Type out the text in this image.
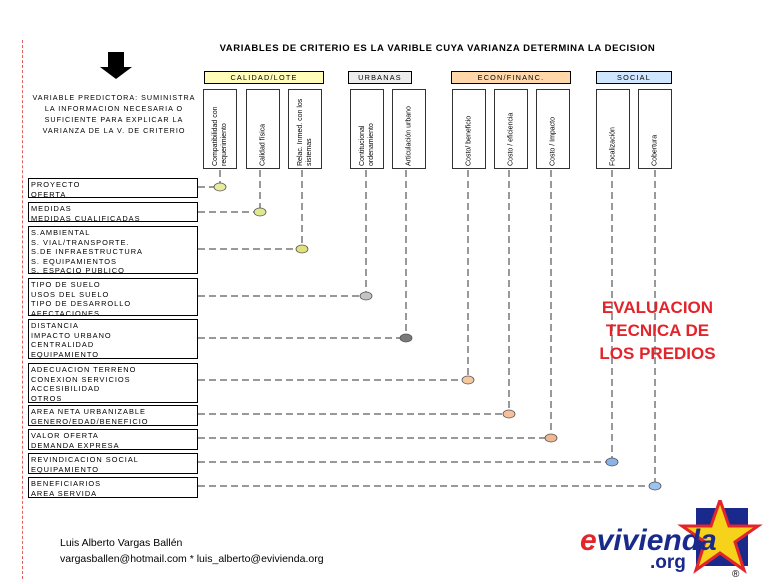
VARIABLES DE CRITERIO ES LA VARIBLE CUYA VARIANZA DETERMINA LA DECISION
VARIABLE PREDICTORA: SUMINISTRA LA INFORMACION NECESARIA O SUFICIENTE PARA EXPLICAR LA VARIANZA DE LA V. DE CRITERIO
CALIDAD/LOTE	URBANAS	ECON/FINANC.	SOCIAL
Compatibilidad con requerimiento	Calidad física	Relac. Inmed. con los sistemas	Contitucional ordenamiento	Articulación urbano	Costo/ beneficio	Costo / eficiencia	Costo / Impacto	Focalización	Cobertura
PROYECTO
OFERTA
MEDIDAS
MEDIDAS CUALIFICADAS
S.AMBIENTAL
S. VIAL/TRANSPORTE.
S.DE INFRAESTRUCTURA
S. EQUIPAMIENTOS
S. ESPACIO PUBLICO
TIPO DE SUELO
USOS DEL SUELO
TIPO DE DESARROLLO
AFECTACIONES
DISTANCIA
IMPACTO URBANO
CENTRALIDAD
EQUIPAMIENTO
ADECUACION TERRENO
CONEXION SERVICIOS
ACCESIBILIDAD
OTROS
AREA NETA URBANIZABLE
GENERO/EDAD/BENEFICIO
VALOR OFERTA
DEMANDA EXPRESA
REVINDICACION SOCIAL
EQUIPAMIENTO
BENEFICIARIOS
AREA SERVIDA
EVALUACION
TECNICA DE
LOS PREDIOS
Luis Alberto Vargas Ballén
vargasballen@hotmail.com * luis_alberto@evivienda.org
evivienda
.org
®
